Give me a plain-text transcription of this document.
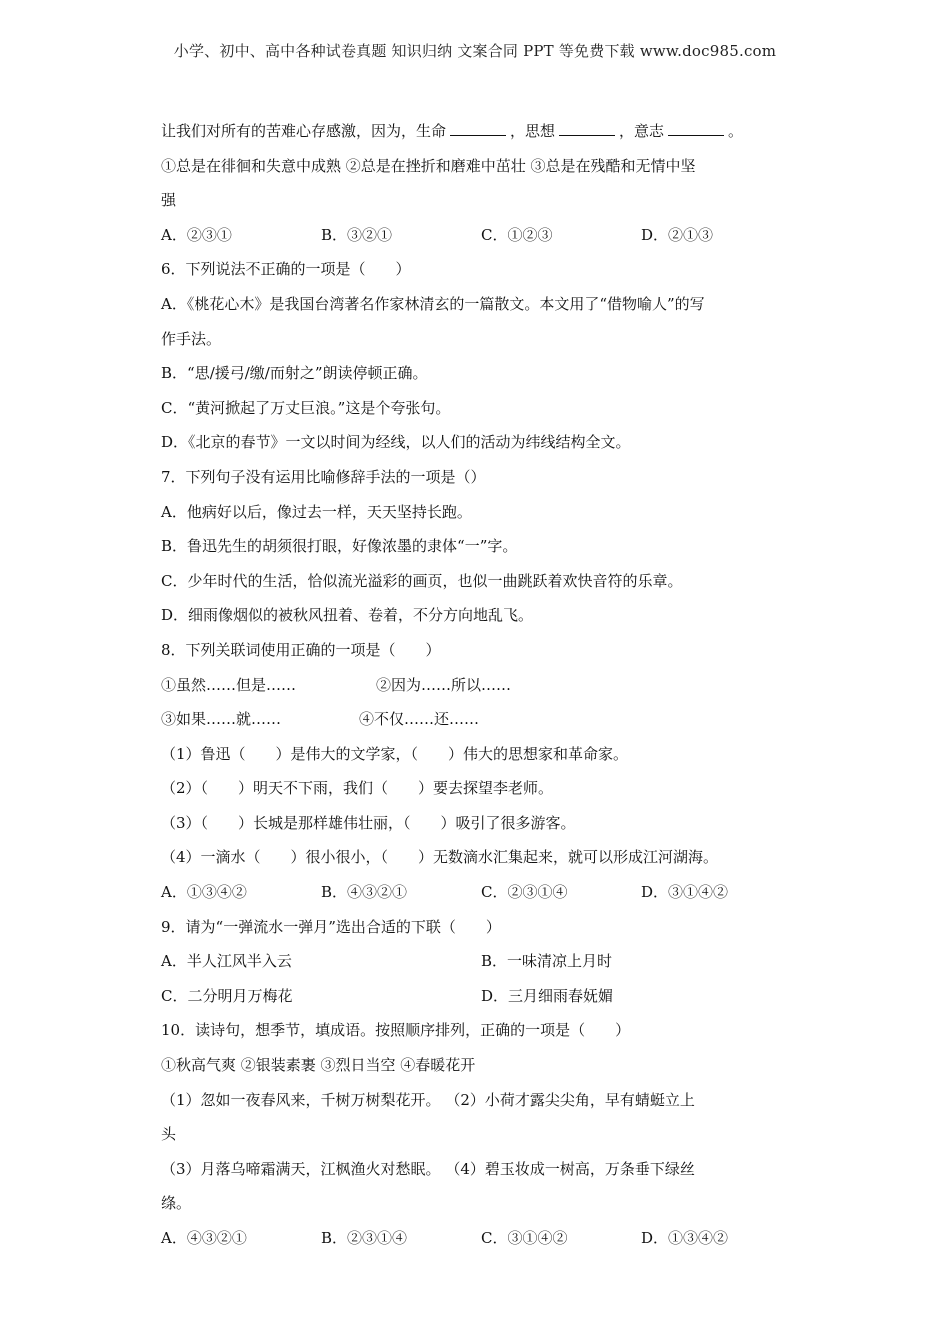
小学、初中、高中各种试卷真题 知识归纳 文案合同 PPT 等免费下载 www.doc985.com
让我们对所有的苦难心存感激，因为，生命	，思想	，意志	。
①总是在徘徊和失意中成熟 ②总是在挫折和磨难中茁壮 ③总是在残酷和无情中坚
强
A．②③①	B．③②①	C．①②③	D．②①③
6．下列说法不正确的一项是（　　）
A．《桃花心木》是我国台湾著名作家林清玄的一篇散文。本文用了“借物喻人”的写
作手法。
B．“思/援弓/缴/而射之”朗读停顿正确。
C．“黄河掀起了万丈巨浪。”这是个夸张句。
D．《北京的春节》一文以时间为经线，以人们的活动为纬线结构全文。
7．下列句子没有运用比喻修辞手法的一项是（）
A．他病好以后，像过去一样，天天坚持长跑。
B．鲁迅先生的胡须很打眼，好像浓墨的隶体“一”字。
C．少年时代的生活，恰似流光溢彩的画页，也似一曲跳跃着欢快音符的乐章。
D．细雨像烟似的被秋风扭着、卷着，不分方向地乱飞。
8．下列关联词使用正确的一项是（　　）
①虽然……但是……	②因为……所以……
③如果……就……	④不仅……还……
（1）鲁迅（　　）是伟大的文学家，（　　）伟大的思想家和革命家。
（2）（　　）明天不下雨，我们（　　）要去探望李老师。
（3）（　　）长城是那样雄伟壮丽，（　　）吸引了很多游客。
（4）一滴水（　　）很小很小，（　　）无数滴水汇集起来，就可以形成江河湖海。
A．①③④②	B．④③②①	C．②③①④	D．③①④②
9．请为“一弹流水一弹月”选出合适的下联（　　）
A．半人江风半入云	B．一味清凉上月时
C．二分明月万梅花	D．三月细雨春妩媚
10．读诗句，想季节，填成语。按照顺序排列，正确的一项是（　　）
①秋高气爽 ②银装素裹 ③烈日当空 ④春暖花开
（1）忽如一夜春风来，千树万树梨花开。 （2）小荷才露尖尖角，早有蜻蜓立上
头
（3）月落乌啼霜满天，江枫渔火对愁眠。 （4）碧玉妆成一树高，万条垂下绿丝
绦。
A．④③②①	B．②③①④	C．③①④②	D．①③④②
